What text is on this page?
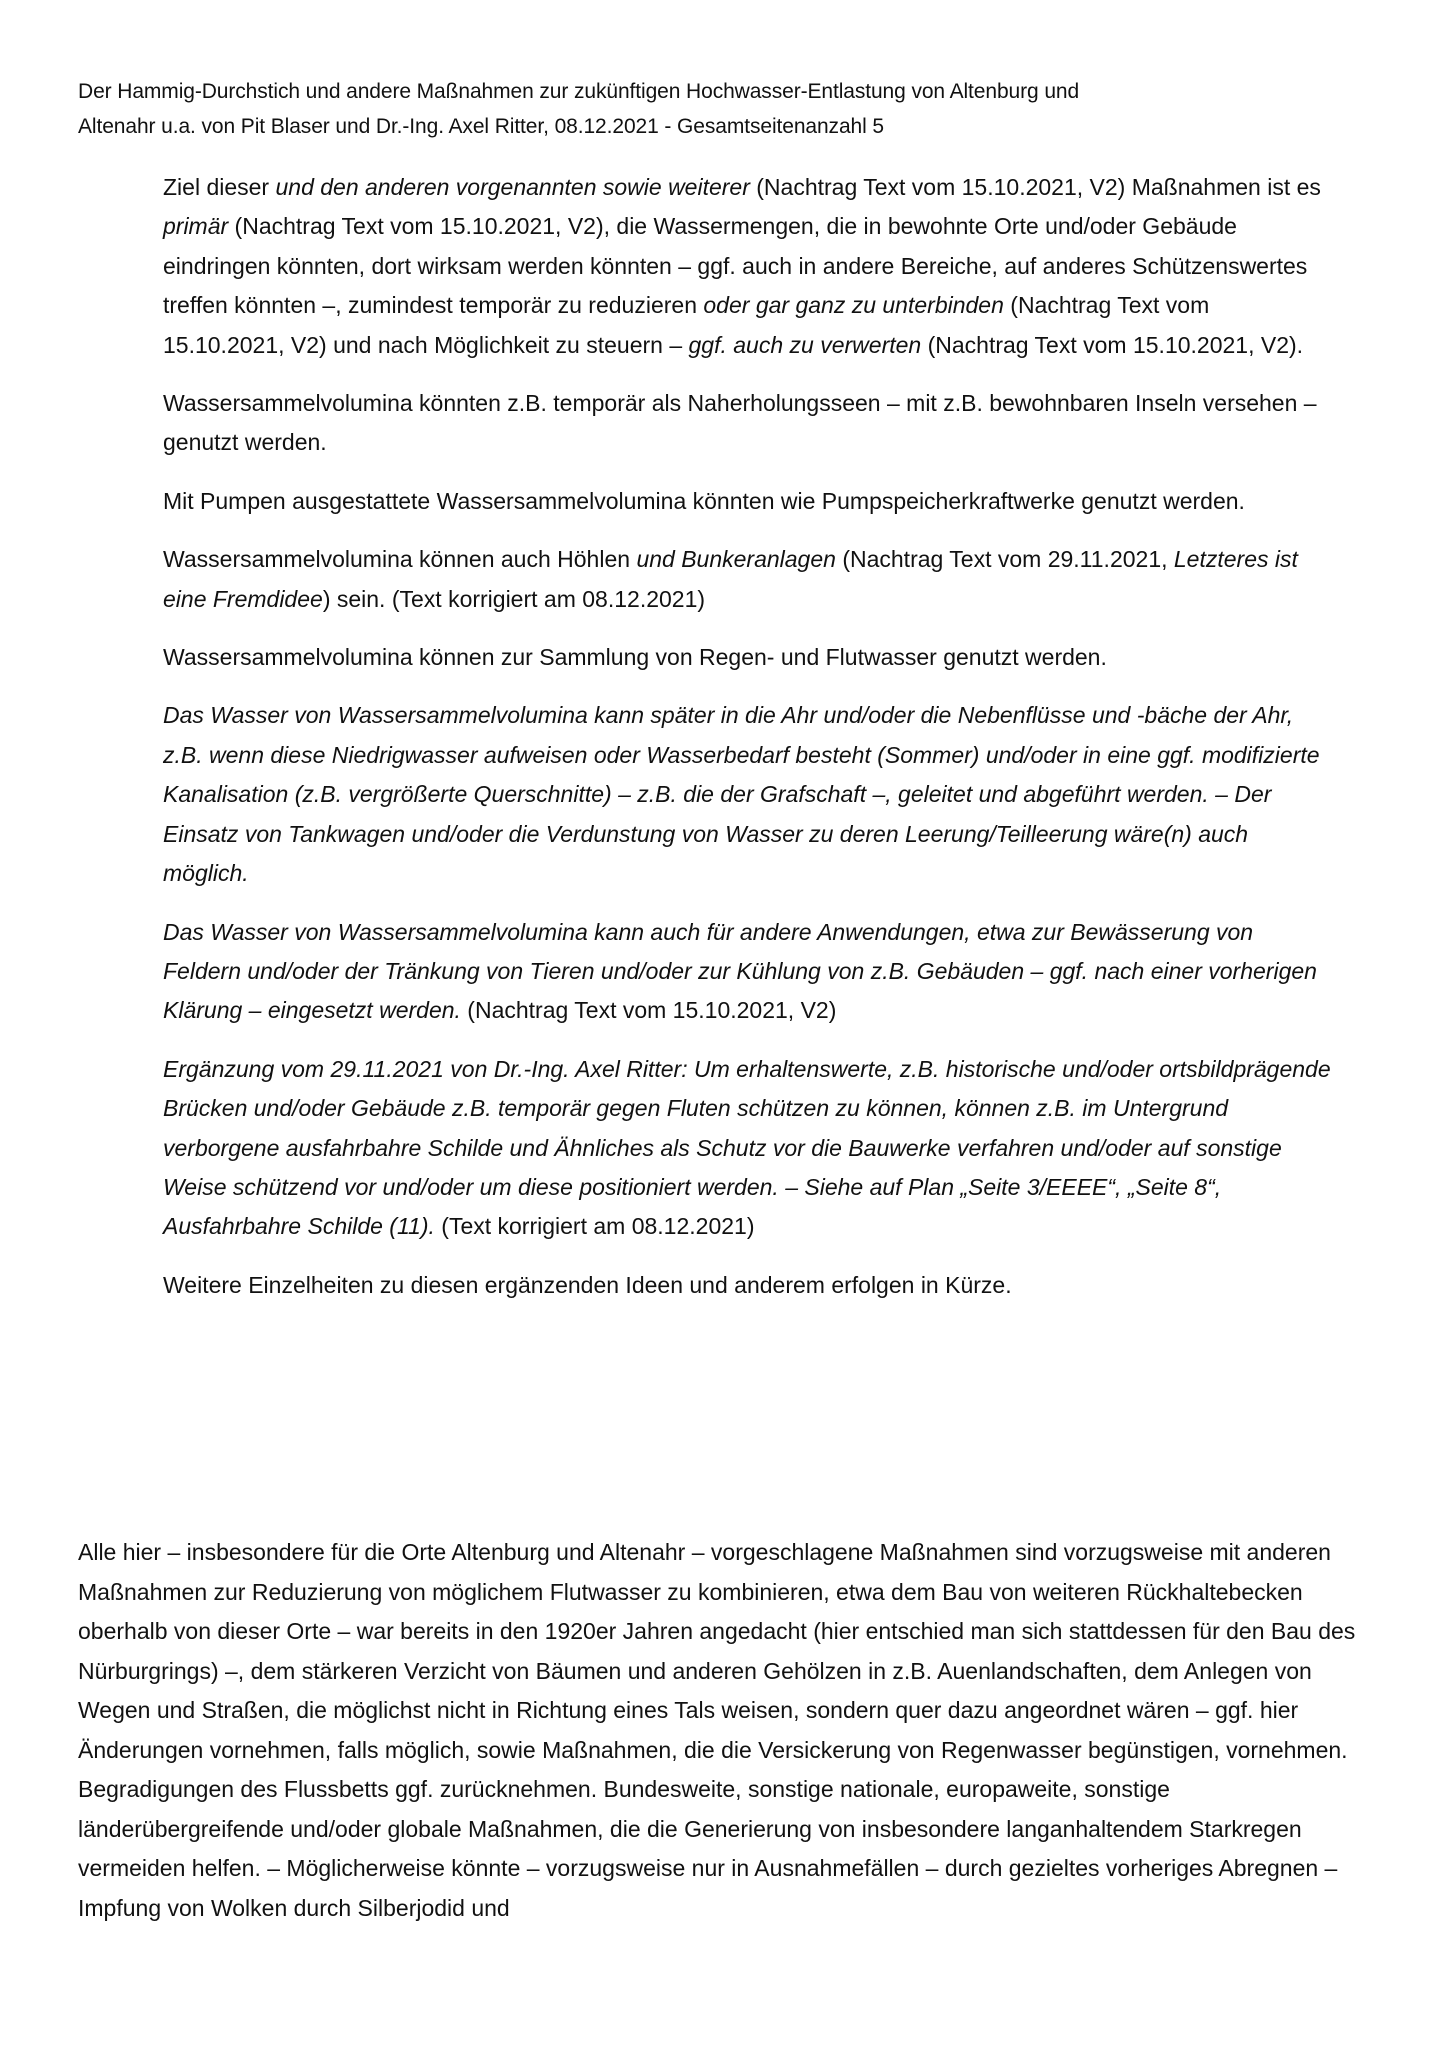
Der Hammig-Durchstich und andere Maßnahmen zur zukünftigen Hochwasser-Entlastung von Altenburg und
Altenahr u.a. von Pit Blaser und Dr.-Ing. Axel Ritter, 08.12.2021 - Gesamtseitenanzahl 5

Ziel dieser und den anderen vorgenannten sowie weiterer (Nachtrag Text vom 15.10.2021, V2) Maßnahmen ist es primär (Nachtrag Text vom 15.10.2021, V2), die Wassermengen, die in bewohnte Orte und/oder Gebäude eindringen könnten, dort wirksam werden könnten – ggf. auch in andere Bereiche, auf anderes Schützenswertes treffen könnten –, zumindest temporär zu reduzieren oder gar ganz zu unterbinden (Nachtrag Text vom 15.10.2021, V2) und nach Möglichkeit zu steuern – ggf. auch zu verwerten (Nachtrag Text vom 15.10.2021, V2).

Wassersammelvolumina könnten z.B. temporär als Naherholungsseen – mit z.B. bewohnbaren Inseln versehen – genutzt werden.

Mit Pumpen ausgestattete Wassersammelvolumina könnten wie Pumpspeicherkraftwerke genutzt werden.

Wassersammelvolumina können auch Höhlen und Bunkeranlagen (Nachtrag Text vom 29.11.2021, Letzteres ist eine Fremdidee) sein. (Text korrigiert am 08.12.2021)

Wassersammelvolumina können zur Sammlung von Regen- und Flutwasser genutzt werden.

Das Wasser von Wassersammelvolumina kann später in die Ahr und/oder die Nebenflüsse und -bäche der Ahr, z.B. wenn diese Niedrigwasser aufweisen oder Wasserbedarf besteht (Sommer) und/oder in eine ggf. modifizierte Kanalisation (z.B. vergrößerte Querschnitte) – z.B. die der Grafschaft –, geleitet und abgeführt werden. – Der Einsatz von Tankwagen und/oder die Verdunstung von Wasser zu deren Leerung/Teilleerung wäre(n) auch möglich.

Das Wasser von Wassersammelvolumina kann auch für andere Anwendungen, etwa zur Bewässerung von Feldern und/oder der Tränkung von Tieren und/oder zur Kühlung von z.B. Gebäuden – ggf. nach einer vorherigen Klärung – eingesetzt werden. (Nachtrag Text vom 15.10.2021, V2)

Ergänzung vom 29.11.2021 von Dr.-Ing. Axel Ritter: Um erhaltenswerte, z.B. historische und/oder ortsbildprägende Brücken und/oder Gebäude z.B. temporär gegen Fluten schützen zu können, können z.B. im Untergrund verborgene ausfahrbahre Schilde und Ähnliches als Schutz vor die Bauwerke verfahren und/oder auf sonstige Weise schützend vor und/oder um diese positioniert werden. – Siehe auf Plan „Seite 3/EEEE“, „Seite 8“, Ausfahrbahre Schilde (11). (Text korrigiert am 08.12.2021)

Weitere Einzelheiten zu diesen ergänzenden Ideen und anderem erfolgen in Kürze.

Alle hier – insbesondere für die Orte Altenburg und Altenahr – vorgeschlagene Maßnahmen sind vorzugsweise mit anderen Maßnahmen zur Reduzierung von möglichem Flutwasser zu kombinieren, etwa dem Bau von weiteren Rückhaltebecken oberhalb von dieser Orte – war bereits in den 1920er Jahren angedacht (hier entschied man sich stattdessen für den Bau des Nürburgrings) –, dem stärkeren Verzicht von Bäumen und anderen Gehölzen in z.B. Auenlandschaften, dem Anlegen von Wegen und Straßen, die möglichst nicht in Richtung eines Tals weisen, sondern quer dazu angeordnet wären – ggf. hier Änderungen vornehmen, falls möglich, sowie Maßnahmen, die die Versickerung von Regenwasser begünstigen, vornehmen. Begradigungen des Flussbetts ggf. zurücknehmen. Bundesweite, sonstige nationale, europaweite, sonstige länderübergreifende und/oder globale Maßnahmen, die die Generierung von insbesondere langanhaltendem Starkregen vermeiden helfen. – Möglicherweise könnte – vorzugsweise nur in Ausnahmefällen – durch gezieltes vorheriges Abregnen – Impfung von Wolken durch Silberjodid und
